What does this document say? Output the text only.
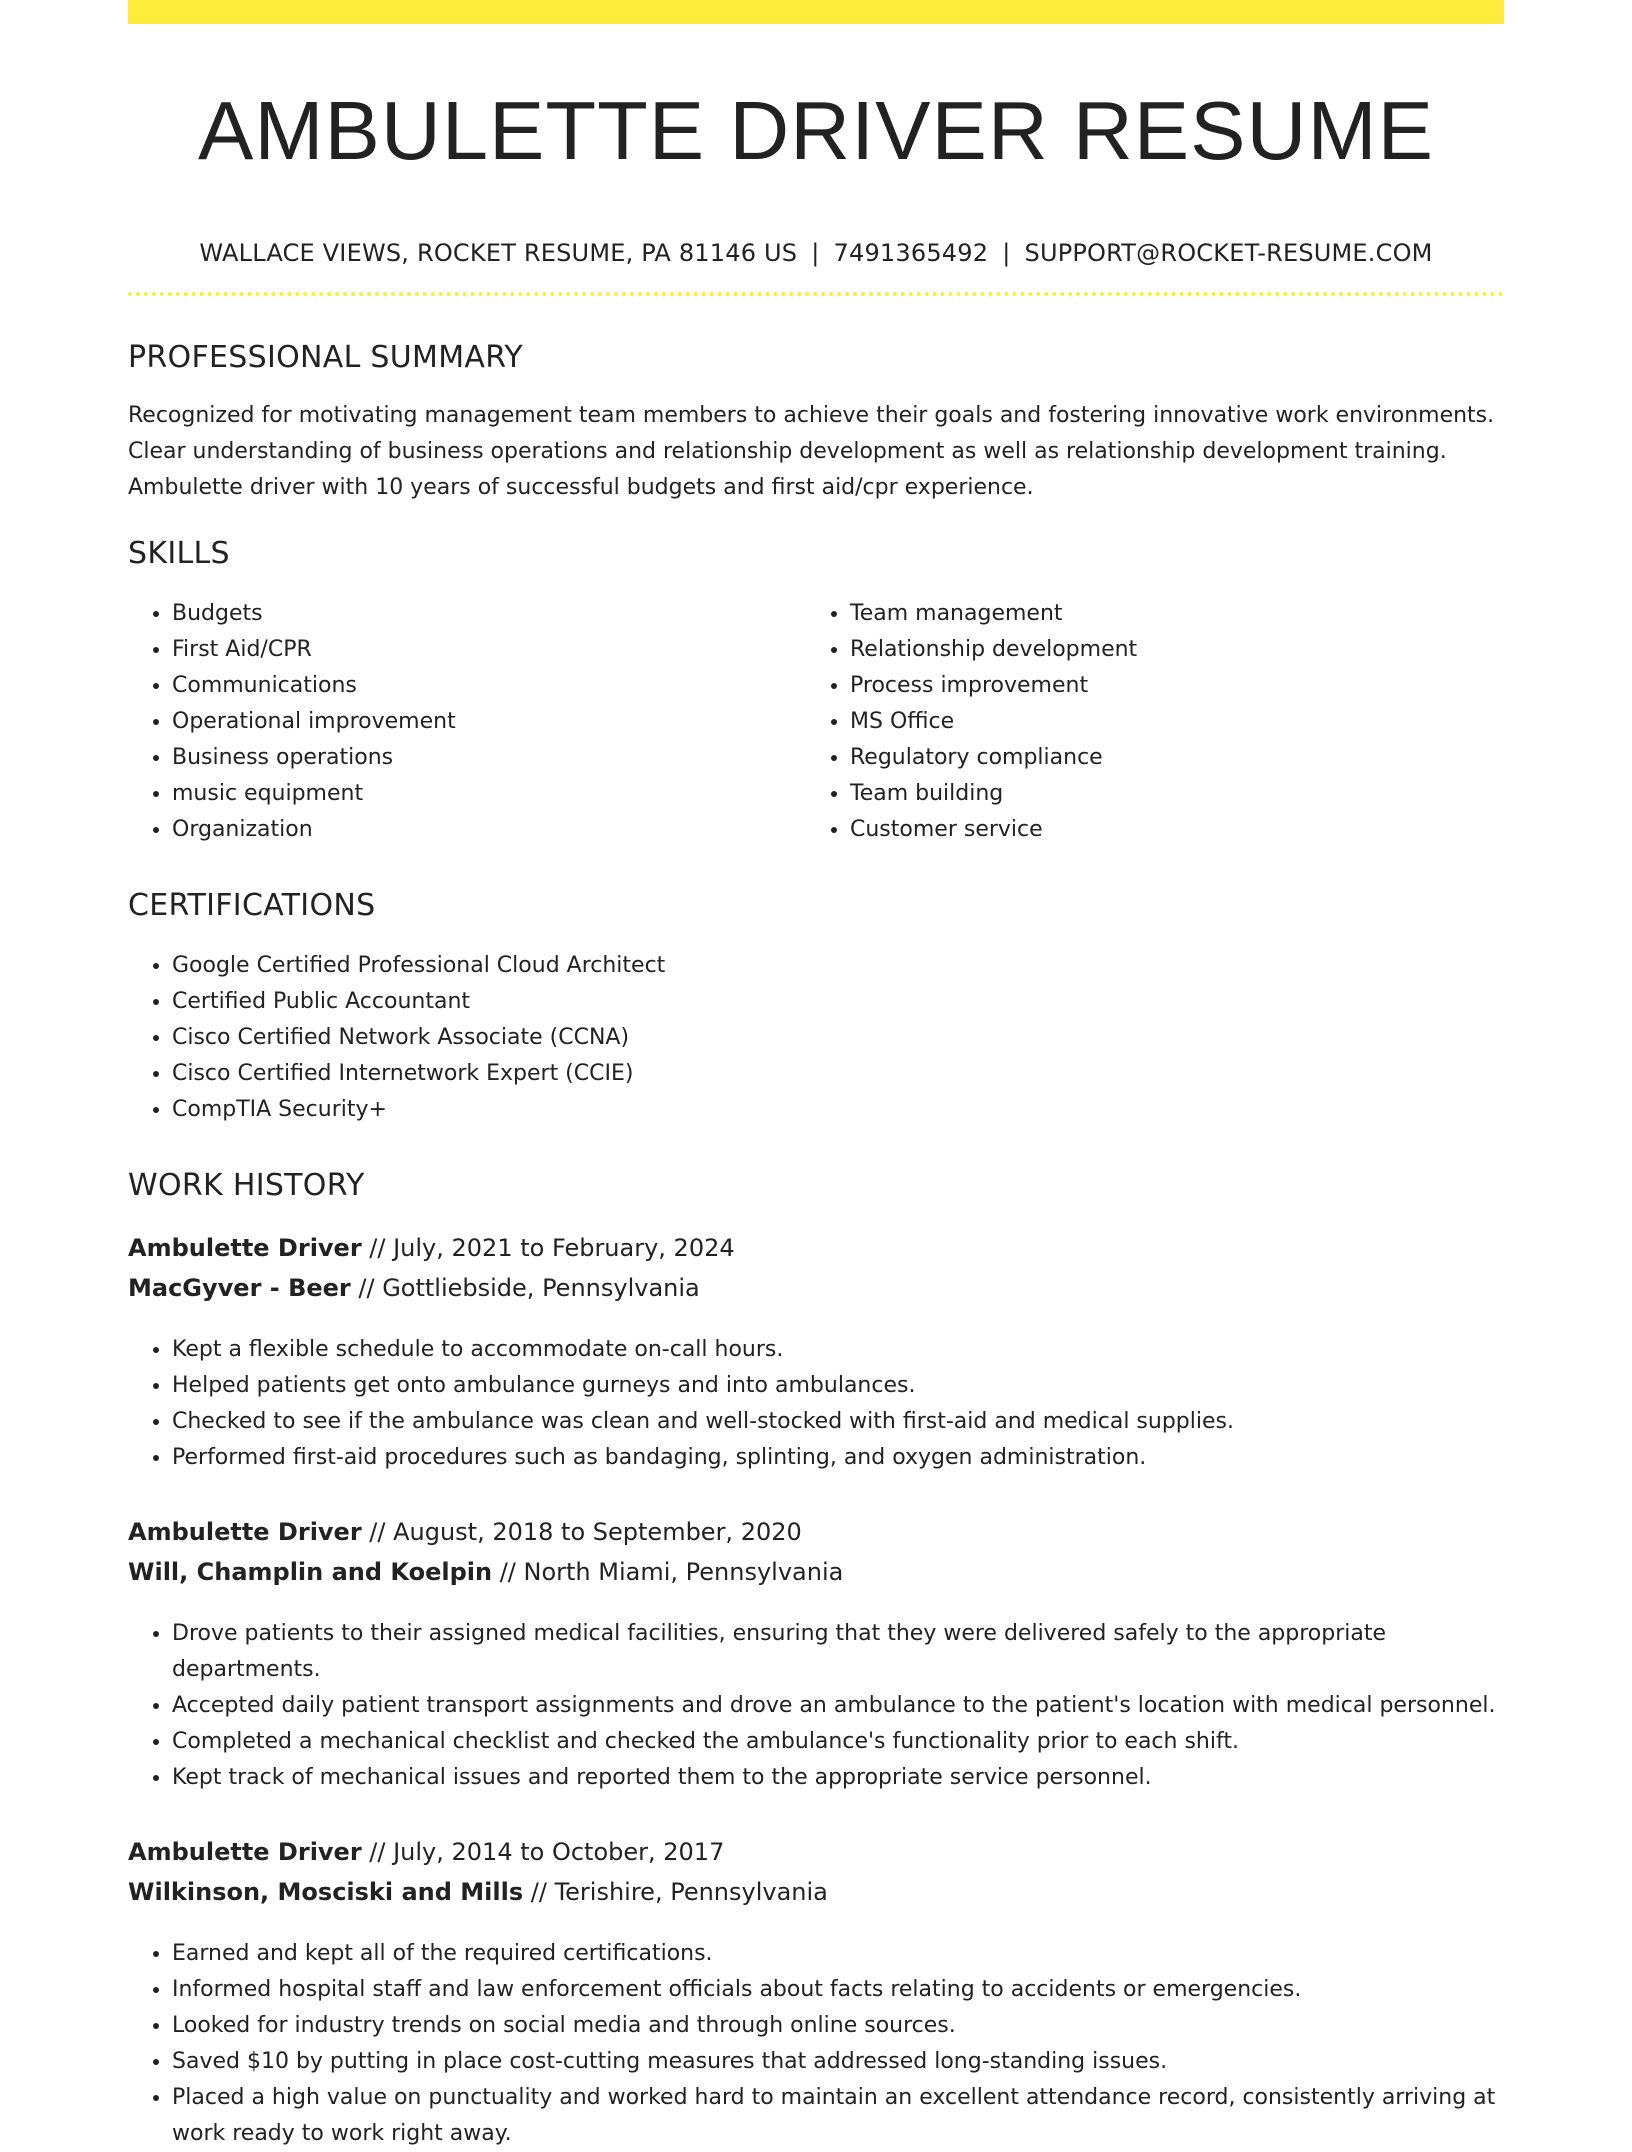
AMBULETTE DRIVER RESUME
WALLACE VIEWS, ROCKET RESUME, PA 81146 US | 7491365492 | SUPPORT@ROCKET-RESUME.COM
PROFESSIONAL SUMMARY

Recognized for motivating management team members to achieve their goals and fostering innovative work environments. Clear understanding of business operations and relationship development as well as relationship development training. Ambulette driver with 10 years of successful budgets and first aid/cpr experience.

SKILLS
• Budgets
• First Aid/CPR
• Communications
• Operational improvement
• Business operations
• music equipment
• Organization
• Team management
• Relationship development
• Process improvement
• MS Office
• Regulatory compliance
• Team building
• Customer service
CERTIFICATIONS
• Google Certified Professional Cloud Architect
• Certified Public Accountant
• Cisco Certified Network Associate (CCNA)
• Cisco Certified Internetwork Expert (CCIE)
• CompTIA Security+
WORK HISTORY
Ambulette Driver // July, 2021 to February, 2024
MacGyver - Beer // Gottliebside, Pennsylvania
• Kept a flexible schedule to accommodate on-call hours.
• Helped patients get onto ambulance gurneys and into ambulances.
• Checked to see if the ambulance was clean and well-stocked with first-aid and medical supplies.
• Performed first-aid procedures such as bandaging, splinting, and oxygen administration.
Ambulette Driver // August, 2018 to September, 2020
Will, Champlin and Koelpin // North Miami, Pennsylvania
• Drove patients to their assigned medical facilities, ensuring that they were delivered safely to the appropriate departments.
• Accepted daily patient transport assignments and drove an ambulance to the patient's location with medical personnel.
• Completed a mechanical checklist and checked the ambulance's functionality prior to each shift.
• Kept track of mechanical issues and reported them to the appropriate service personnel.
Ambulette Driver // July, 2014 to October, 2017
Wilkinson, Mosciski and Mills // Terishire, Pennsylvania
• Earned and kept all of the required certifications.
• Informed hospital staff and law enforcement officials about facts relating to accidents or emergencies.
• Looked for industry trends on social media and through online sources.
• Saved $10 by putting in place cost-cutting measures that addressed long-standing issues.
• Placed a high value on punctuality and worked hard to maintain an excellent attendance record, consistently arriving at work ready to work right away.
